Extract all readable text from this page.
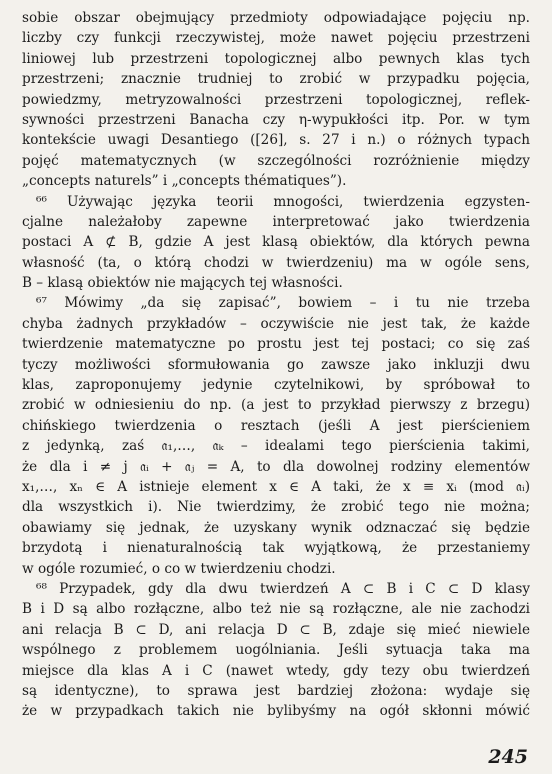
sobie obszar obejmujący przedmioty odpowiadające pojęciu np.
liczby czy funkcji rzeczywistej, może nawet pojęciu przestrzeni
liniowej lub przestrzeni topologicznej albo pewnych klas tych
przestrzeni; znacznie trudniej to zrobić w przypadku pojęcia,
powiedzmy, metryzowalności przestrzeni topologicznej, reflek-
sywności przestrzeni Banacha czy η-wypukłości itp. Por. w tym
kontekście uwagi Desantiego ([26], s. 27 i n.) o różnych typach
pojęć matematycznych (w szczególności rozróżnienie między
„concepts naturels” i „concepts thématiques”).
⁶⁶ Używając języka teorii mnogości, twierdzenia egzysten-
cjalne należałoby zapewne interpretować jako twierdzenia
postaci A ⊄ B, gdzie A jest klasą obiektów, dla których pewna
własność (ta, o którą chodzi w twierdzeniu) ma w ogóle sens,
B – klasą obiektów nie mających tej własności.
⁶⁷ Mówimy „da się zapisać”, bowiem – i tu nie trzeba
chyba żadnych przykładów – oczywiście nie jest tak, że każde
twierdzenie matematyczne po prostu jest tej postaci; co się zaś
tyczy możliwości sformułowania go zawsze jako inkluzji dwu
klas, zaproponujemy jedynie czytelnikowi, by spróbował to
zrobić w odniesieniu do np. (a jest to przykład pierwszy z brzegu)
chińskiego twierdzenia o resztach (jeśli A jest pierścieniem
z jedynką, zaś 𝔞₁,…, 𝔞ₖ – idealami tego pierścienia takimi,
że dla i ≠ j 𝔞ᵢ + 𝔞ⱼ = A, to dla dowolnej rodziny elementów
x₁,…, xₙ ∈ A istnieje element x ∈ A taki, że x ≡ xᵢ (mod 𝔞ᵢ)
dla wszystkich i). Nie twierdzimy, że zrobić tego nie można;
obawiamy się jednak, że uzyskany wynik odznaczać się będzie
brzydotą i nienaturalnością tak wyjątkową, że przestaniemy
w ogóle rozumieć, o co w twierdzeniu chodzi.
⁶⁸ Przypadek, gdy dla dwu twierdzeń A ⊂ B i C ⊂ D klasy
B i D są albo rozłączne, albo też nie są rozłączne, ale nie zachodzi
ani relacja B ⊂ D, ani relacja D ⊂ B, zdaje się mieć niewiele
wspólnego z problemem uogólniania. Jeśli sytuacja taka ma
miejsce dla klas A i C (nawet wtedy, gdy tezy obu twierdzeń
są identyczne), to sprawa jest bardziej złożona: wydaje się
że w przypadkach takich nie bylibyśmy na ogół skłonni mówić
245
